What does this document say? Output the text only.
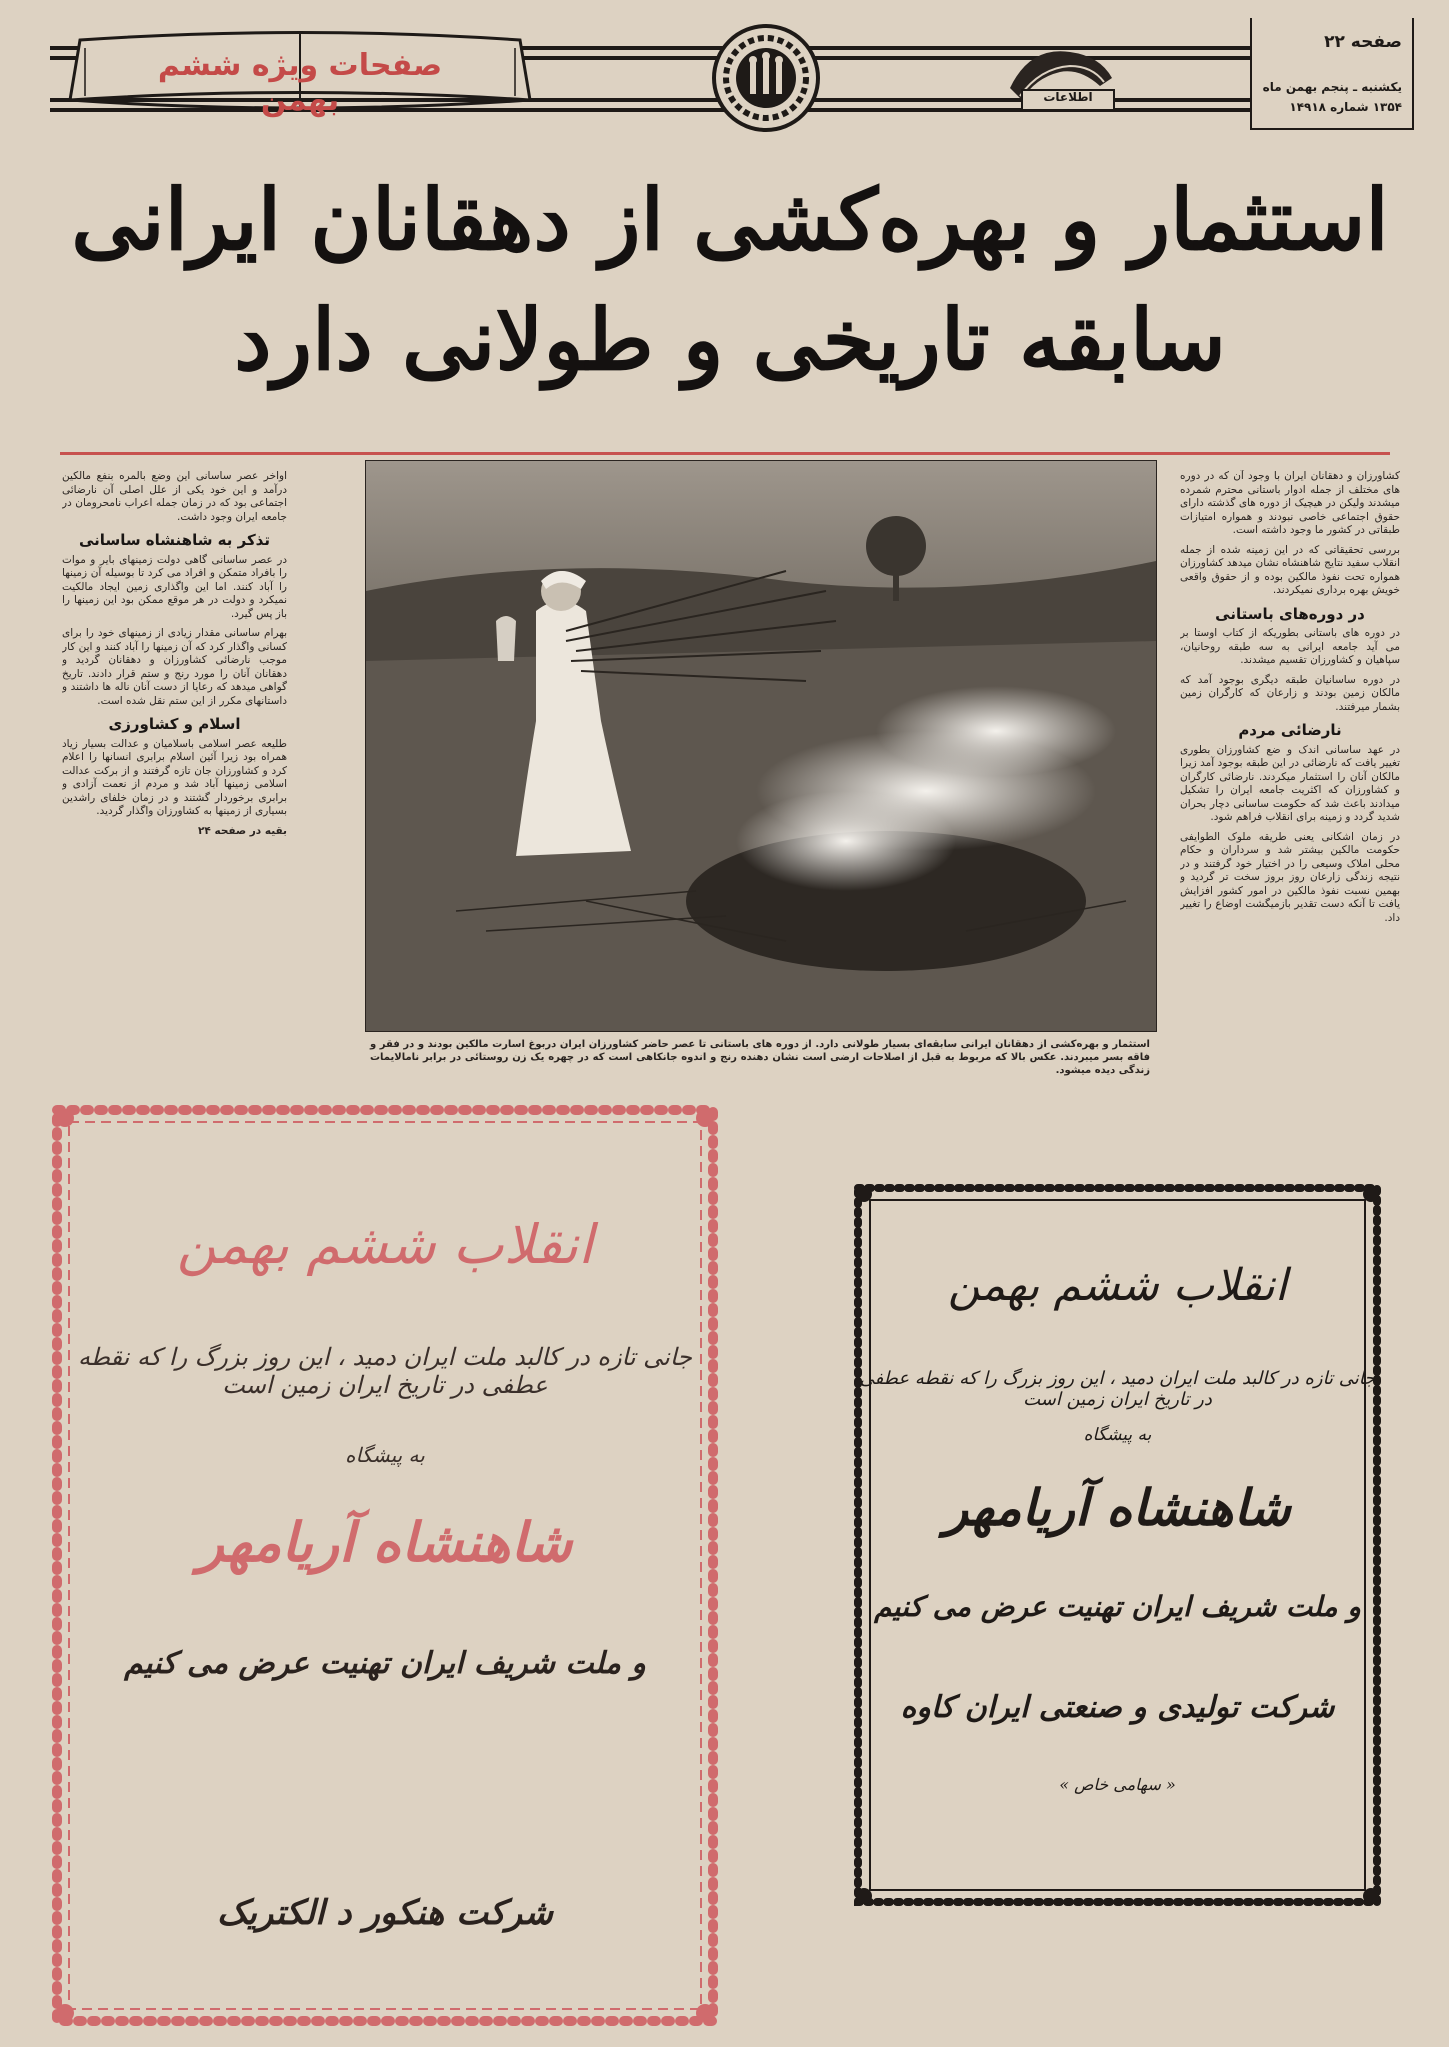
صفحات ویژه ششم بهمن	اطلاعات
صفحه ۲۲
یکشنبه ـ پنجم بهمن ماه
۱۳۵۴ شماره ۱۴۹۱۸
استثمار و بهره‌کشی از دهقانان ایرانی
سابقه تاریخی و طولانی دارد

کشاورزان و دهقانان ایران با وجود آن که در دوره های مختلف از جمله ادوار باستانی محترم شمرده میشدند ولیکن در هیچیک از دوره های گذشته دارای حقوق اجتماعی خاصی نبودند و همواره امتیازات طبقاتی در کشور ما وجود داشته است.

بررسی تحقیقاتی که در این زمینه شده از جمله انقلاب سفید نتایج شاهنشاه نشان میدهد کشاورزان همواره تحت نفوذ مالکین بوده و از حقوق واقعی خویش بهره برداری نمیکردند.

در دوره‌های باستانی

در دوره های باستانی بطوریکه از کتاب اوستا بر می آید جامعه ایرانی به سه طبقه روحانیان، سپاهیان و کشاورزان تقسیم میشدند.

در دوره ساسانیان طبقه دیگری بوجود آمد که مالکان زمین بودند و زارعان که کارگران زمین بشمار میرفتند.

نارضائی مردم

در عهد ساسانی اندک و ضع کشاورزان بطوری تغییر یافت که نارضائی در این طبقه بوجود آمد زیرا مالکان آنان را استثمار میکردند. نارضائی کارگران و کشاورزان که اکثریت جامعه ایران را تشکیل میدادند باعث شد که حکومت ساسانی دچار بحران شدید گردد و زمینه برای انقلاب فراهم شود.

در زمان اشکانی یعنی طریقه ملوک الطوایفی حکومت مالکین بیشتر شد و سرداران و حکام محلی املاک وسیعی را در اختیار خود گرفتند و در نتیجه زندگی زارعان روز بروز سخت تر گردید و بهمین نسبت نفوذ مالکین در امور کشور افزایش یافت تا آنکه دست تقدیر بازمیگشت اوضاع را تغییر داد.

اواخر عصر ساسانی این وضع بالمره بنفع مالکین درآمد و این خود یکی از علل اصلی آن نارضائی اجتماعی بود که در زمان جمله اعراب نامحرومان در جامعه ایران وجود داشت.

تذکر به شاهنشاه ساسانی

در عصر ساسانی گاهی دولت زمینهای بایر و موات را بافراد متمکن و افراد می کرد تا بوسیله آن زمینها را آباد کنند. اما این واگذاری زمین ایجاد مالکیت نمیکرد و دولت در هر موقع ممکن بود این زمینها را باز پس گیرد.

بهرام ساسانی مقدار زیادی از زمینهای خود را برای کسانی واگذار کرد که آن زمینها را آباد کنند و این کار موجب نارضائی کشاورزان و دهقانان گردید و دهقانان آنان را مورد رنج و ستم قرار دادند. تاریخ گواهی میدهد که رعایا از دست آنان ناله ها داشتند و داستانهای مکرر از این ستم نقل شده است.

اسلام و کشاورزی

طلیعه عصر اسلامی باسلامیان و عدالت بسیار زیاد همراه بود زیرا آئین اسلام برابری انسانها را اعلام کرد و کشاورزان جان تازه گرفتند و از برکت عدالت اسلامی زمینها آباد شد و مردم از نعمت آزادی و برابری برخوردار گشتند و در زمان خلفای راشدین بسیاری از زمینها به کشاورزان واگذار گردید.

بقیه در صفحه ۲۴

استثمار و بهره‌کشی از دهقانان ایرانی سابقه‌ای بسیار طولانی دارد. از دوره های باستانی تا عصر حاضر کشاورزان ایران دربوغ اسارت مالکین بودند و در فقر و فاقه بسر میبردند. عکس بالا که مربوط به قبل از اصلاحات ارضی است نشان دهنده رنج و اندوه جانکاهی است که در چهره یک زن روستائی در برابر نامالایمات زندگی دیده میشود.
انقلاب ششم بهمن
جانی تازه در کالبد ملت ایران دمید ، این روز بزرگ را که نقطه عطفی در تاریخ ایران زمین است
به پیشگاه
شاهنشاه آریامهر
و ملت شریف ایران تهنیت عرض می کنیم
شرکت هنکور د الکتریک
انقلاب ششم بهمن
جانی تازه در کالبد ملت ایران دمید ، این روز بزرگ را که نقطه عطفی در تاریخ ایران زمین است
به پیشگاه
شاهنشاه آریامهر
و ملت شریف ایران تهنیت عرض می کنیم
شرکت تولیدی و صنعتی ایران کاوه
« سهامی خاص »
